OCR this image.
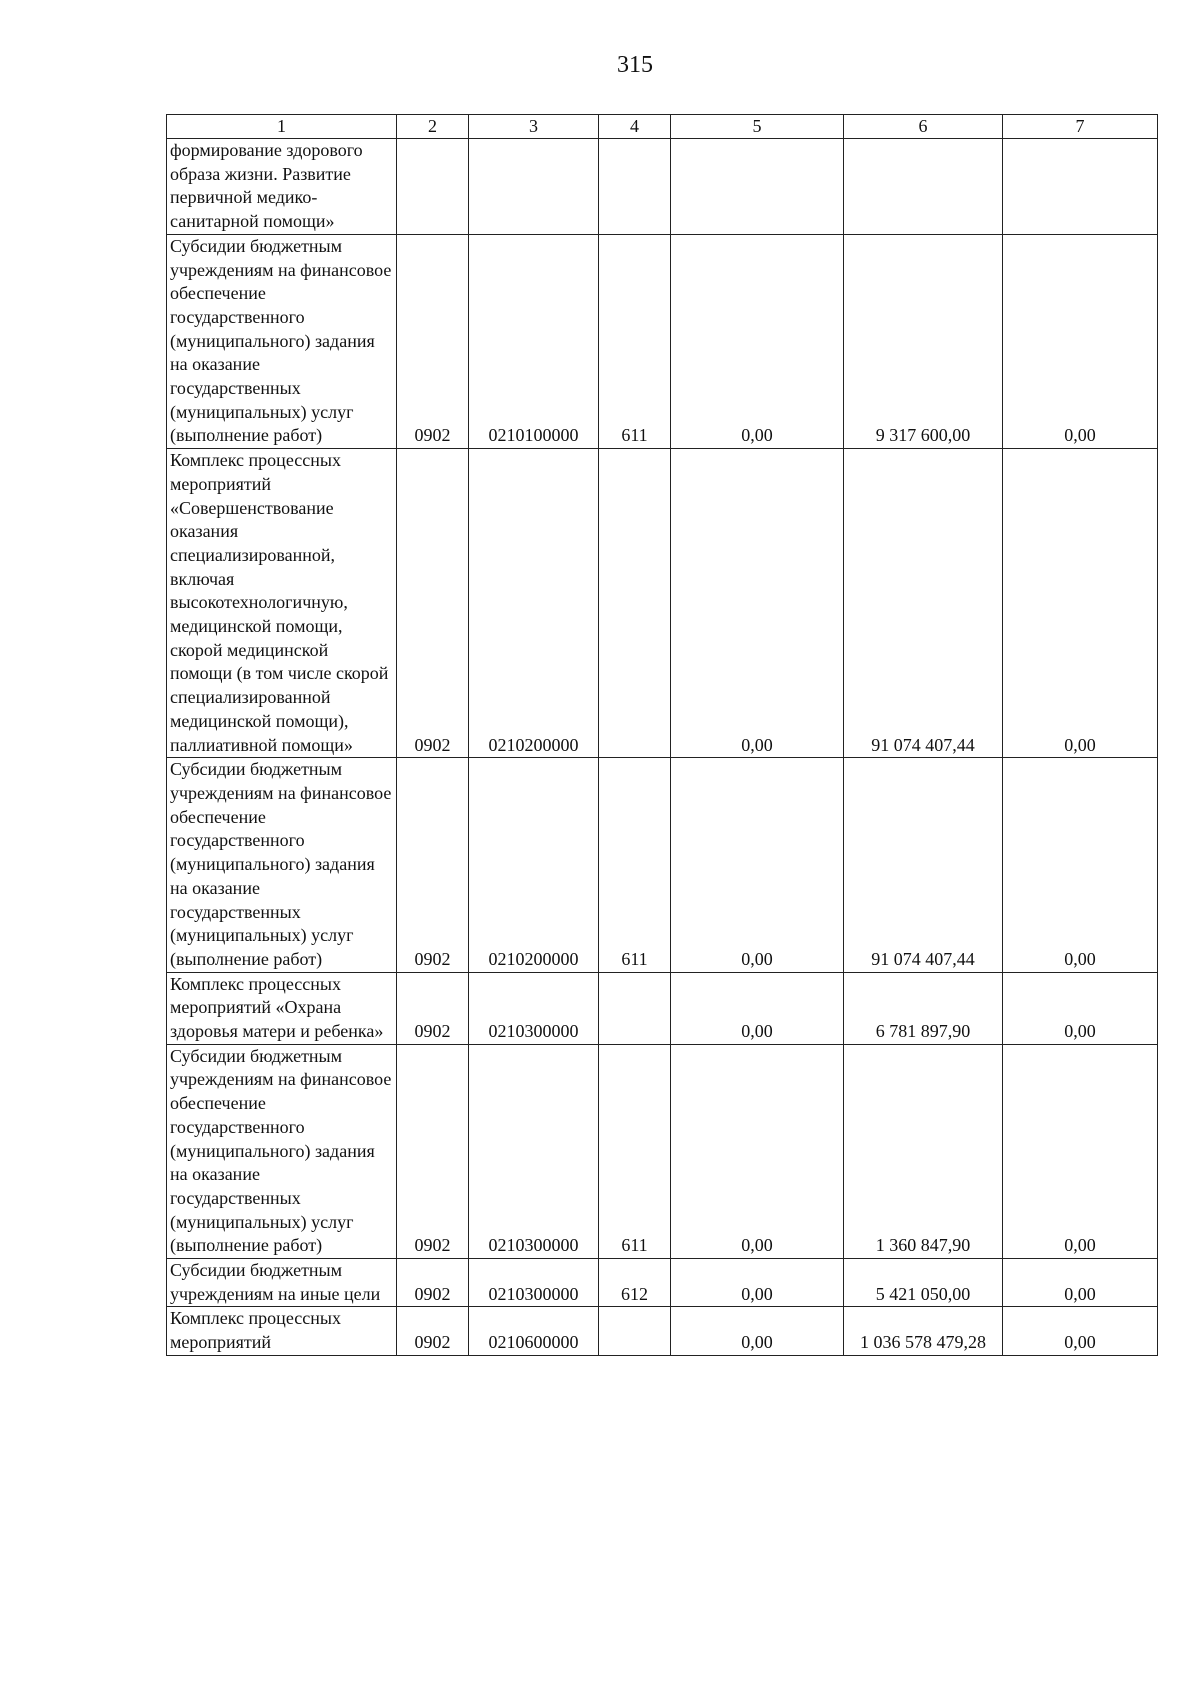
315
1	2	3	4	5	6	7
формирование здорового образа жизни. Развитие первичной медико-санитарной помощи»						
Субсидии бюджетным учреждениям на финансовое обеспечение государственного (муниципального) задания на оказание государственных (муниципальных) услуг (выполнение работ)	0902	0210100000	611	0,00	9 317 600,00	0,00
Комплекс процессных мероприятий «Совершенствование оказания специализированной, включая высокотехнологичную, медицинской помощи, скорой медицинской помощи (в том числе скорой специализированной медицинской помощи), паллиативной помощи»	0902	0210200000		0,00	91 074 407,44	0,00
Субсидии бюджетным учреждениям на финансовое обеспечение государственного (муниципального) задания на оказание государственных (муниципальных) услуг (выполнение работ)	0902	0210200000	611	0,00	91 074 407,44	0,00
Комплекс процессных мероприятий «Охрана здоровья матери и ребенка»	0902	0210300000		0,00	6 781 897,90	0,00
Субсидии бюджетным учреждениям на финансовое обеспечение государственного (муниципального) задания на оказание государственных (муниципальных) услуг (выполнение работ)	0902	0210300000	611	0,00	1 360 847,90	0,00
Субсидии бюджетным учреждениям на иные цели	0902	0210300000	612	0,00	5 421 050,00	0,00
Комплекс процессных мероприятий	0902	0210600000		0,00	1 036 578 479,28	0,00
